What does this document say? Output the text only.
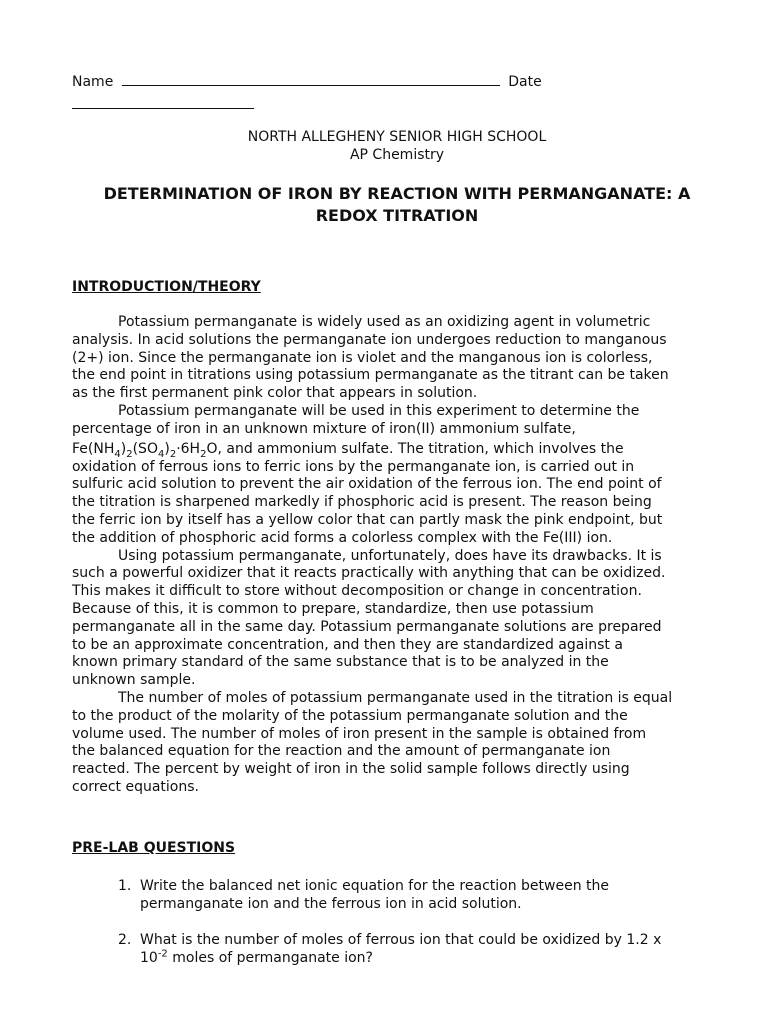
Name	Date
NORTH ALLEGHENY SENIOR HIGH SCHOOL
AP Chemistry
DETERMINATION OF IRON BY REACTION WITH PERMANGANATE: A
REDOX TITRATION
INTRODUCTION/THEORY
Potassium permanganate is widely used as an oxidizing agent in volumetric
analysis. In acid solutions the permanganate ion undergoes reduction to manganous
(2+) ion. Since the permanganate ion is violet and the manganous ion is colorless,
the end point in titrations using potassium permanganate as the titrant can be taken
as the first permanent pink color that appears in solution.
Potassium permanganate will be used in this experiment to determine the
percentage of iron in an unknown mixture of iron(II) ammonium sulfate,
$Fe(NH_4)_2(SO_4)_2\cdot 6H_2O$, and ammonium sulfate. The titration, which involves the
oxidation of ferrous ions to ferric ions by the permanganate ion, is carried out in
sulfuric acid solution to prevent the air oxidation of the ferrous ion. The end point of
the titration is sharpened markedly if phosphoric acid is present. The reason being
the ferric ion by itself has a yellow color that can partly mask the pink endpoint, but
the addition of phosphoric acid forms a colorless complex with the Fe(III) ion.
Using potassium permanganate, unfortunately, does have its drawbacks. It is
such a powerful oxidizer that it reacts practically with anything that can be oxidized.
This makes it difficult to store without decomposition or change in concentration.
Because of this, it is common to prepare, standardize, then use potassium
permanganate all in the same day. Potassium permanganate solutions are prepared
to be an approximate concentration, and then they are standardized against a
known primary standard of the same substance that is to be analyzed in the
unknown sample.
The number of moles of potassium permanganate used in the titration is equal
to the product of the molarity of the potassium permanganate solution and the
volume used. The number of moles of iron present in the sample is obtained from
the balanced equation for the reaction and the amount of permanganate ion
reacted. The percent by weight of iron in the solid sample follows directly using
correct equations.
PRE-LAB QUESTIONS
1. Write the balanced net ionic equation for the reaction between the
permanganate ion and the ferrous ion in acid solution.
2. What is the number of moles of ferrous ion that could be oxidized by 1.2 x
$10^{-2}$ moles of permanganate ion?
